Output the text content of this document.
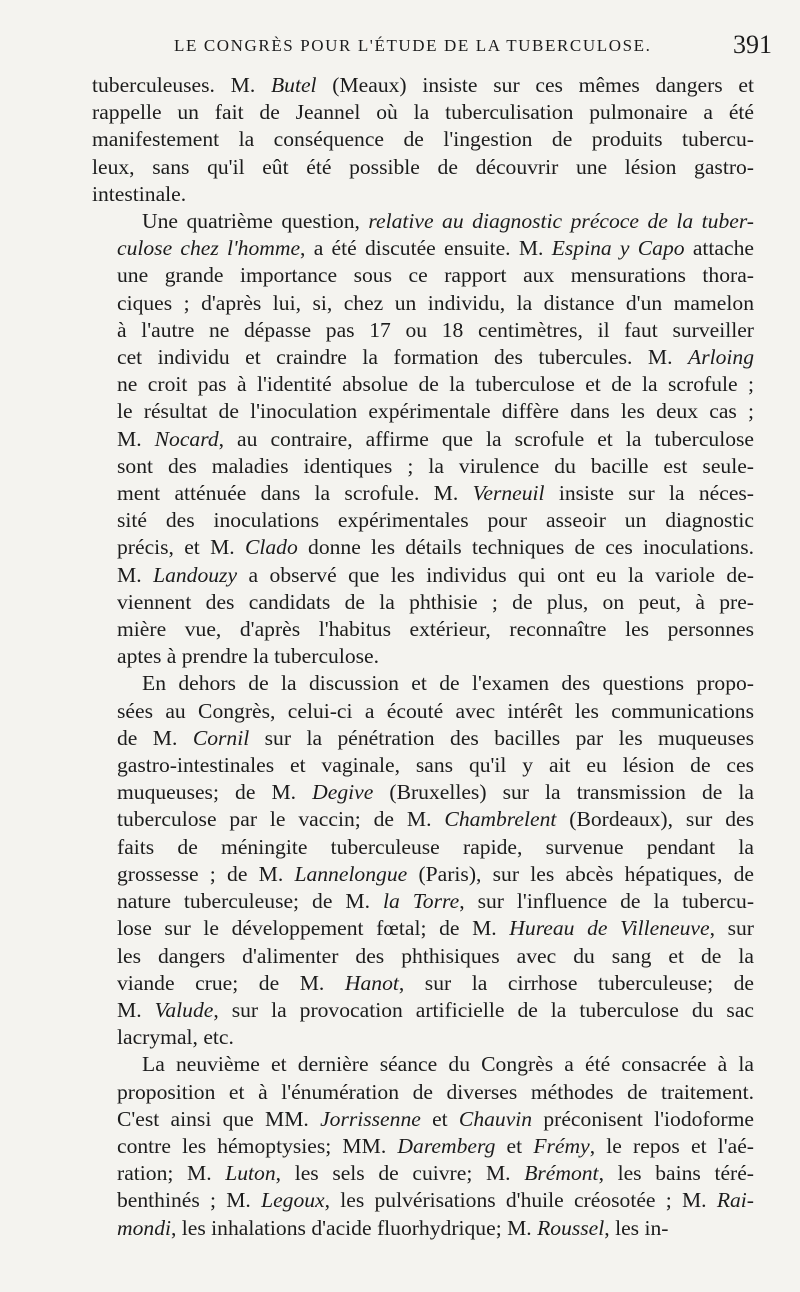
LE CONGRÈS POUR L'ÉTUDE DE LA TUBERCULOSE.	391
tuberculeuses. M. Butel (Meaux) insiste sur ces mêmes dangers et
rappelle un fait de Jeannel où la tuberculisation pulmonaire a été
manifestement la conséquence de l'ingestion de produits tubercu-
leux, sans qu'il eût été possible de découvrir une lésion gastro-
intestinale.
Une quatrième question, relative au diagnostic précoce de la tuber-
culose chez l'homme, a été discutée ensuite. M. Espina y Capo attache
une grande importance sous ce rapport aux mensurations thora-
ciques ; d'après lui, si, chez un individu, la distance d'un mamelon
à l'autre ne dépasse pas 17 ou 18 centimètres, il faut surveiller
cet individu et craindre la formation des tubercules. M. Arloing
ne croit pas à l'identité absolue de la tuberculose et de la scrofule ;
le résultat de l'inoculation expérimentale diffère dans les deux cas ;
M. Nocard, au contraire, affirme que la scrofule et la tuberculose
sont des maladies identiques ; la virulence du bacille est seule-
ment atténuée dans la scrofule. M. Verneuil insiste sur la néces-
sité des inoculations expérimentales pour asseoir un diagnostic
précis, et M. Clado donne les détails techniques de ces inoculations.
M. Landouzy a observé que les individus qui ont eu la variole de-
viennent des candidats de la phthisie ; de plus, on peut, à pre-
mière vue, d'après l'habitus extérieur, reconnaître les personnes
aptes à prendre la tuberculose.
En dehors de la discussion et de l'examen des questions propo-
sées au Congrès, celui-ci a écouté avec intérêt les communications
de M. Cornil sur la pénétration des bacilles par les muqueuses
gastro-intestinales et vaginale, sans qu'il y ait eu lésion de ces
muqueuses; de M. Degive (Bruxelles) sur la transmission de la
tuberculose par le vaccin; de M. Chambrelent (Bordeaux), sur des
faits de méningite tuberculeuse rapide, survenue pendant la
grossesse ; de M. Lannelongue (Paris), sur les abcès hépatiques, de
nature tuberculeuse; de M. la Torre, sur l'influence de la tubercu-
lose sur le développement fœtal; de M. Hureau de Villeneuve, sur
les dangers d'alimenter des phthisiques avec du sang et de la
viande crue; de M. Hanot, sur la cirrhose tuberculeuse; de
M. Valude, sur la provocation artificielle de la tuberculose du sac
lacrymal, etc.
La neuvième et dernière séance du Congrès a été consacrée à la
proposition et à l'énumération de diverses méthodes de traitement.
C'est ainsi que MM. Jorrissenne et Chauvin préconisent l'iodoforme
contre les hémoptysies; MM. Daremberg et Frémy, le repos et l'aé-
ration; M. Luton, les sels de cuivre; M. Brémont, les bains téré-
benthinés ; M. Legoux, les pulvérisations d'huile créosotée ; M. Rai-
mondi, les inhalations d'acide fluorhydrique; M. Roussel, les in-
